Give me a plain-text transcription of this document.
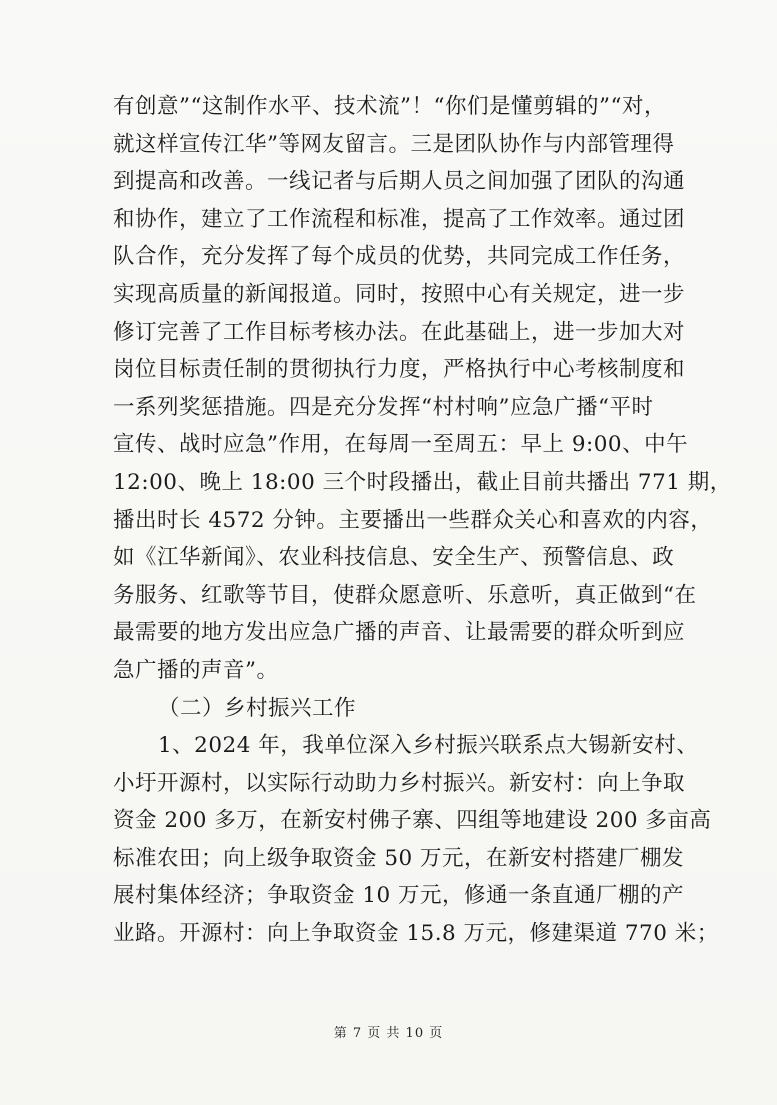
有创意”“这制作水平、技术流”！“你们是懂剪辑的”“对，
就这样宣传江华”等网友留言。三是团队协作与内部管理得
到提高和改善。一线记者与后期人员之间加强了团队的沟通
和协作，建立了工作流程和标准，提高了工作效率。通过团
队合作，充分发挥了每个成员的优势，共同完成工作任务，
实现高质量的新闻报道。同时，按照中心有关规定，进一步
修订完善了工作目标考核办法。在此基础上，进一步加大对
岗位目标责任制的贯彻执行力度，严格执行中心考核制度和
一系列奖惩措施。四是充分发挥“村村响”应急广播“平时
宣传、战时应急”作用，在每周一至周五：早上 9:00、中午
12:00、晚上 18:00 三个时段播出，截止目前共播出 771 期，
播出时长 4572 分钟。主要播出一些群众关心和喜欢的内容，
如《江华新闻》、农业科技信息、安全生产、预警信息、政
务服务、红歌等节目，使群众愿意听、乐意听，真正做到“在
最需要的地方发出应急广播的声音、让最需要的群众听到应
急广播的声音”。
（二）乡村振兴工作
1、2024 年，我单位深入乡村振兴联系点大锡新安村、
小圩开源村，以实际行动助力乡村振兴。新安村：向上争取
资金 200 多万，在新安村佛子寨、四组等地建设 200 多亩高
标准农田；向上级争取资金 50 万元，在新安村搭建厂棚发
展村集体经济；争取资金 10 万元，修通一条直通厂棚的产
业路。开源村：向上争取资金 15.8 万元，修建渠道 770 米；
第 7 页 共 10 页
